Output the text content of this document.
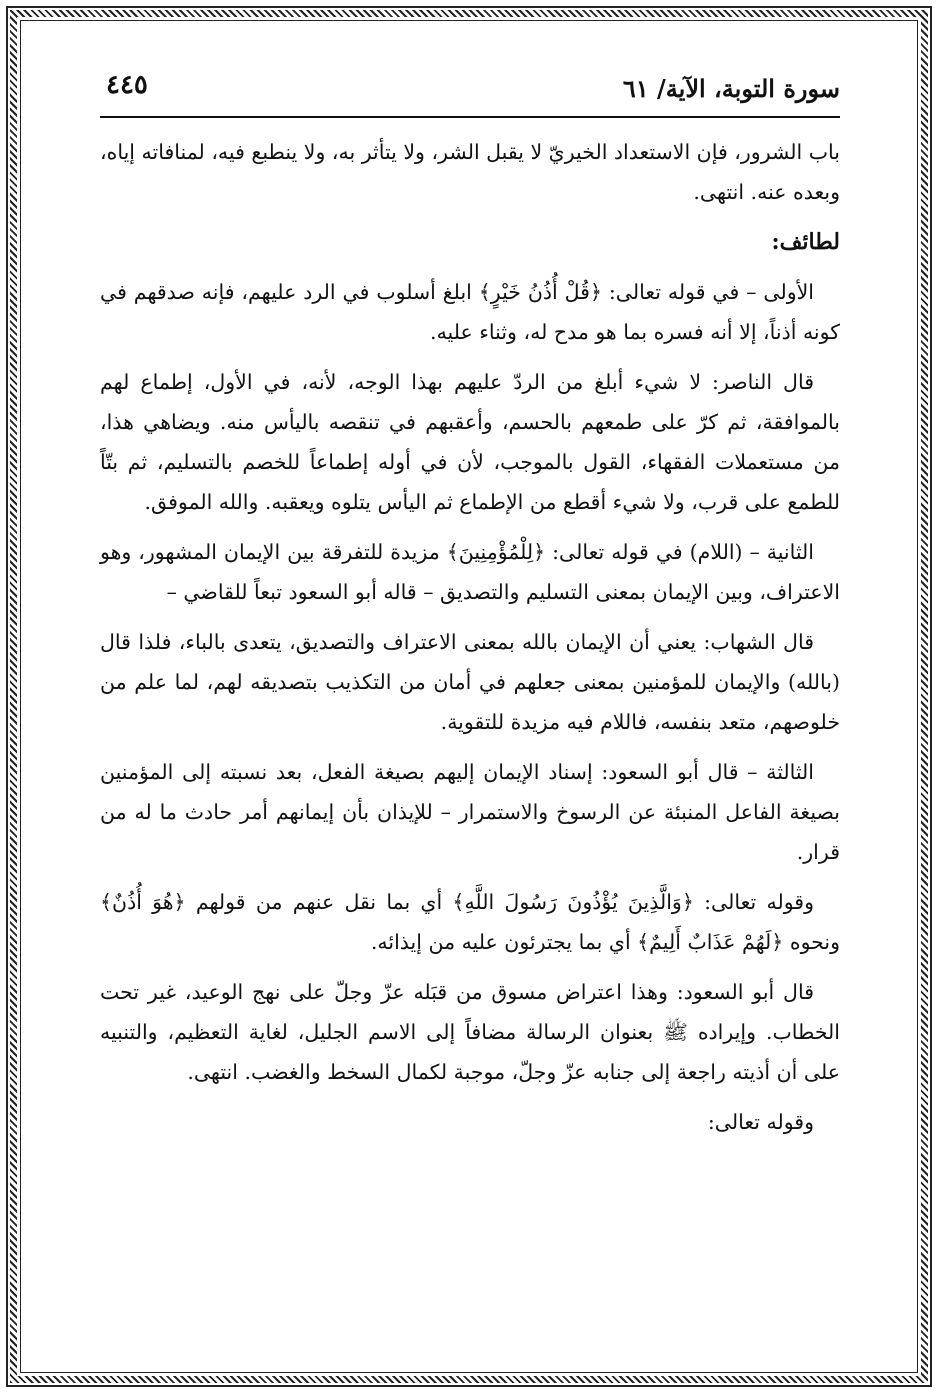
سورة التوبة، الآية/ ٦١
٤٤٥

باب الشرور، فإن الاستعداد الخيريّ لا يقبل الشر، ولا يتأثر به، ولا ينطبع فيه، لمنافاته إياه، وبعده عنه. انتهى.

لطائف:

الأولى – في قوله تعالى: ﴿قُلْ أُذُنُ خَيْرٍ﴾ ابلغ أسلوب في الرد عليهم، فإنه صدقهم في كونه أذناً، إلا أنه فسره بما هو مدح له، وثناء عليه.

قال الناصر: لا شيء أبلغ من الردّ عليهم بهذا الوجه، لأنه، في الأول، إطماع لهم بالموافقة، ثم كرّ على طمعهم بالحسم، وأعقبهم في تنقصه باليأس منه. ويضاهي هذا، من مستعملات الفقهاء، القول بالموجب، لأن في أوله إطماعاً للخصم بالتسليم، ثم بتّاً للطمع على قرب، ولا شيء أقطع من الإطماع ثم اليأس يتلوه ويعقبه. والله الموفق.

الثانية – (اللام) في قوله تعالى: ﴿لِلْمُؤْمِنِينَ﴾ مزيدة للتفرقة بين الإيمان المشهور، وهو الاعتراف، وبين الإيمان بمعنى التسليم والتصديق – قاله أبو السعود تبعاً للقاضي –

قال الشهاب: يعني أن الإيمان بالله بمعنى الاعتراف والتصديق، يتعدى بالباء، فلذا قال (بالله) والإيمان للمؤمنين بمعنى جعلهم في أمان من التكذيب بتصديقه لهم، لما علم من خلوصهم، متعد بنفسه، فاللام فيه مزيدة للتقوية.

الثالثة – قال أبو السعود: إسناد الإيمان إليهم بصيغة الفعل، بعد نسبته إلى المؤمنين بصيغة الفاعل المنبئة عن الرسوخ والاستمرار – للإيذان بأن إيمانهم أمر حادث ما له من قرار.

وقوله تعالى: ﴿وَالَّذِينَ يُؤْذُونَ رَسُولَ اللَّهِ﴾ أي بما نقل عنهم من قولهم ﴿هُوَ أُذُنٌ﴾ ونحوه ﴿لَهُمْ عَذَابٌ أَلِيمٌ﴾ أي بما يجترئون عليه من إيذائه.

قال أبو السعود: وهذا اعتراض مسوق من قبَله عزّ وجلّ على نهج الوعيد، غير تحت الخطاب. وإيراده ﷺ بعنوان الرسالة مضافاً إلى الاسم الجليل، لغاية التعظيم، والتنبيه على أن أذيته راجعة إلى جنابه عزّ وجلّ، موجبة لكمال السخط والغضب. انتهى.

وقوله تعالى:
